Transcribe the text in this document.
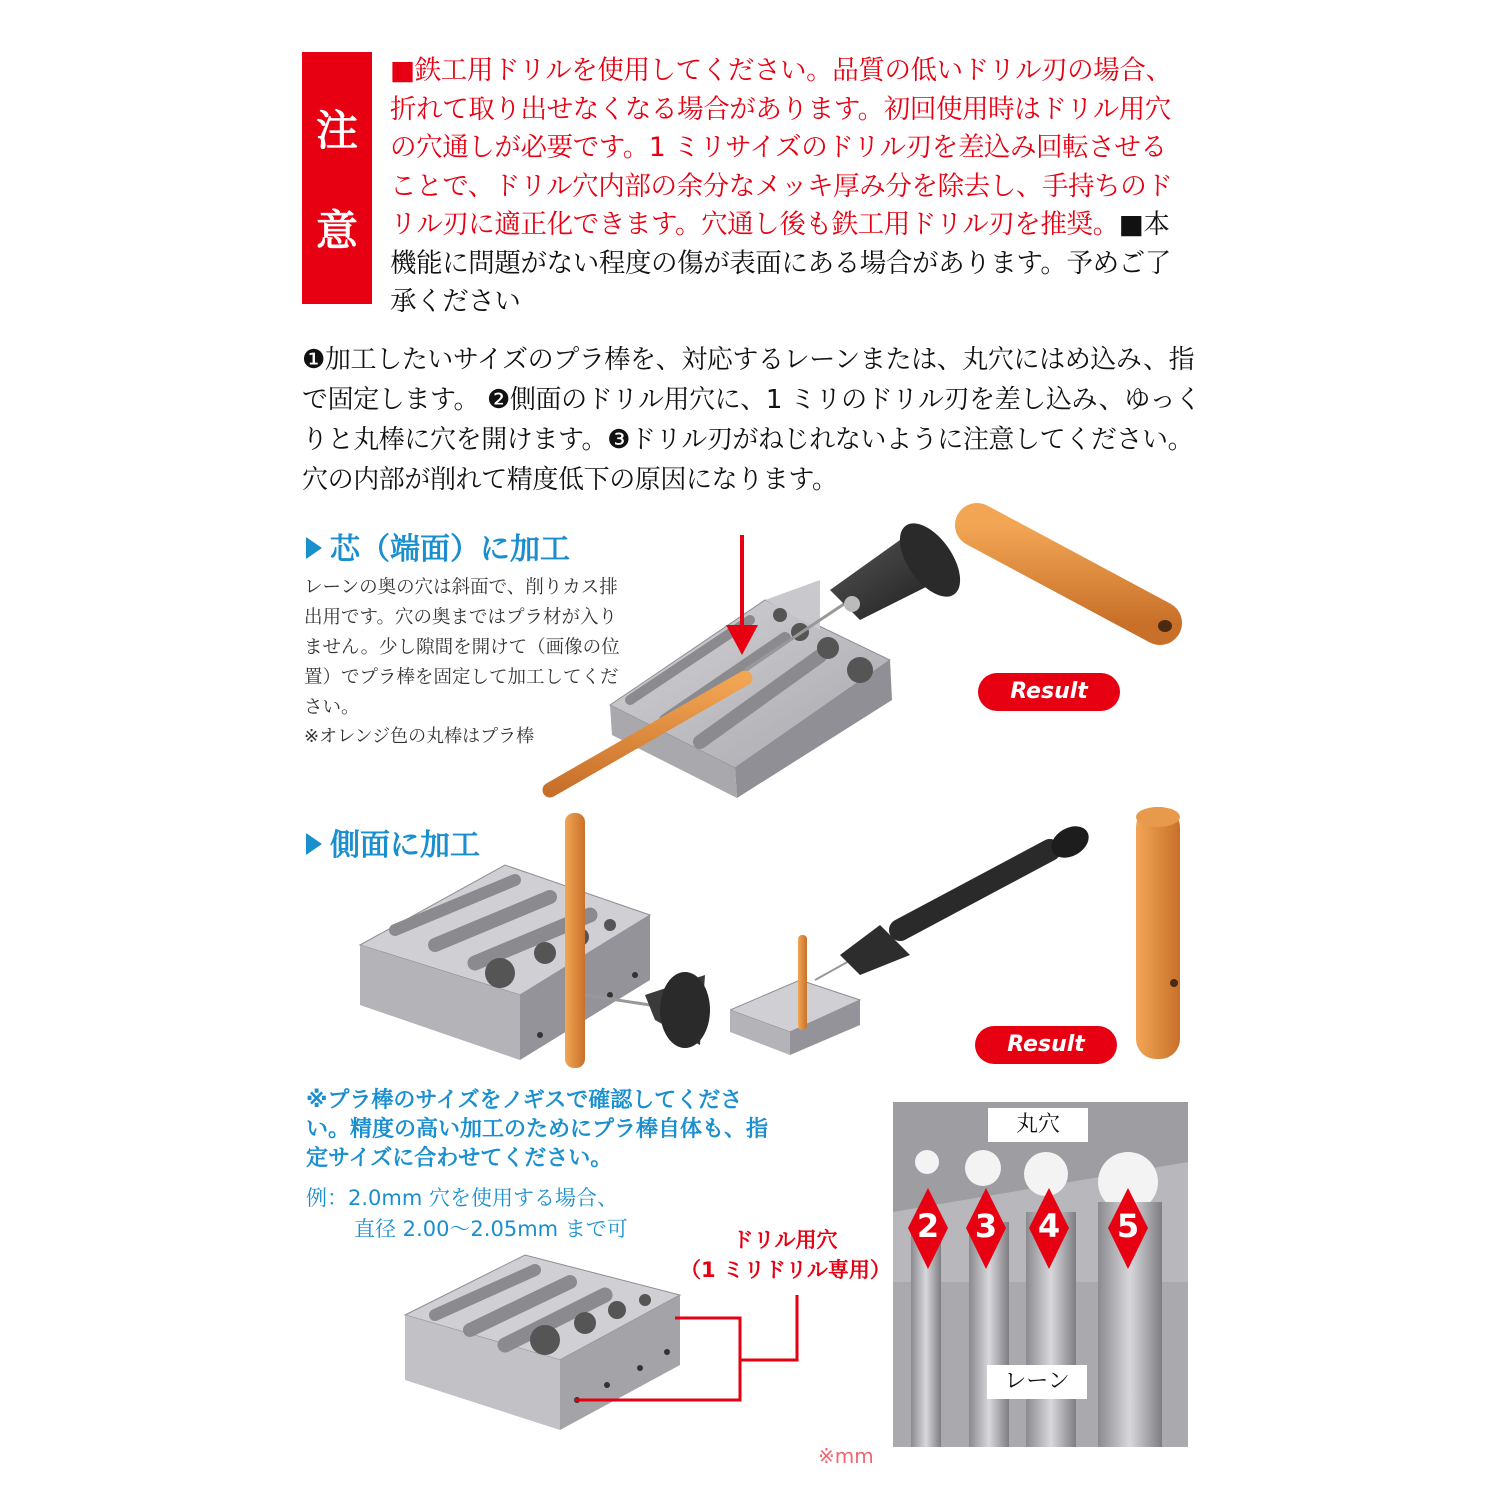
注
意
■鉄工用ドリルを使用してください。品質の低いドリル刃の場合、折れて取り出せなくなる場合があります。初回使用時はドリル用穴の穴通しが必要です。1 ミリサイズのドリル刃を差込み回転させることで、ドリル穴内部の余分なメッキ厚み分を除去し、手持ちのドリル刃に適正化できます。穴通し後も鉄工用ドリル刃を推奨。■本機能に問題がない程度の傷が表面にある場合があります。予めご了承ください
❶加工したいサイズのプラ棒を、対応するレーンまたは、丸穴にはめ込み、指で固定します。 ❷側面のドリル用穴に、1 ミリのドリル刃を差し込み、ゆっくりと丸棒に穴を開けます。❸ドリル刃がねじれないように注意してください。穴の内部が削れて精度低下の原因になります。
芯（端面）に加工
レーンの奥の穴は斜面で、削りカス排出用です。穴の奥まではプラ材が入りません。少し隙間を開けて（画像の位置）でプラ棒を固定して加工してください。
※オレンジ色の丸棒はプラ棒
Result
側面に加工
Result
※プラ棒のサイズをノギスで確認してください。精度の高い加工のためにプラ棒自体も、指定サイズに合わせてください。
例：2.0mm 穴を使用する場合、
直径 2.00〜2.05mm まで可	ドリル用穴
（1 ミリドリル専用）
丸穴
レーン
2 3 4 5
※mm
